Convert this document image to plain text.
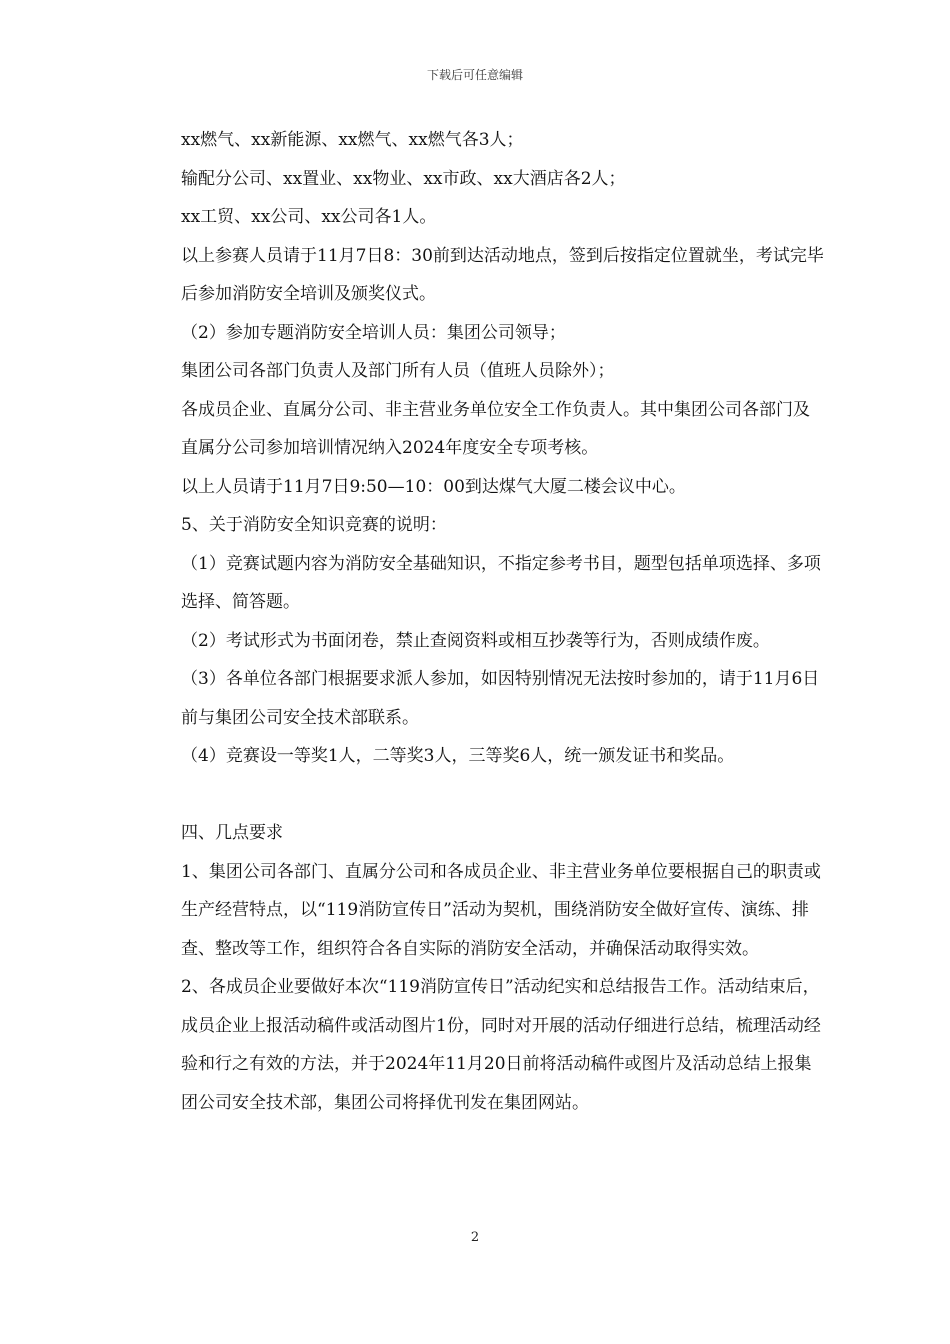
下载后可任意编辑

xx燃气、xx新能源、xx燃气、xx燃气各3人；

输配分公司、xx置业、xx物业、xx市政、xx大酒店各2人；

xx工贸、xx公司、xx公司各1人。

以上参赛人员请于11月7日8：30前到达活动地点，签到后按指定位置就坐，考试完毕后参加消防安全培训及颁奖仪式。

（2）参加专题消防安全培训人员：集团公司领导；

集团公司各部门负责人及部门所有人员（值班人员除外）；

各成员企业、直属分公司、非主营业务单位安全工作负责人。其中集团公司各部门及直属分公司参加培训情况纳入2024年度安全专项考核。

以上人员请于11月7日9:50—10：00到达煤气大厦二楼会议中心。

5、关于消防安全知识竞赛的说明：

（1）竞赛试题内容为消防安全基础知识，不指定参考书目，题型包括单项选择、多项选择、简答题。

（2）考试形式为书面闭卷，禁止查阅资料或相互抄袭等行为，否则成绩作废。

（3）各单位各部门根据要求派人参加，如因特别情况无法按时参加的，请于11月6日前与集团公司安全技术部联系。

（4）竞赛设一等奖1人，二等奖3人，三等奖6人，统一颁发证书和奖品。

四、几点要求

1、集团公司各部门、直属分公司和各成员企业、非主营业务单位要根据自己的职责或生产经营特点，以“119消防宣传日”活动为契机，围绕消防安全做好宣传、演练、排查、整改等工作，组织符合各自实际的消防安全活动，并确保活动取得实效。

2、各成员企业要做好本次“119消防宣传日”活动纪实和总结报告工作。活动结束后，成员企业上报活动稿件或活动图片1份，同时对开展的活动仔细进行总结，梳理活动经验和行之有效的方法，并于2024年11月20日前将活动稿件或图片及活动总结上报集团公司安全技术部，集团公司将择优刊发在集团网站。

2
